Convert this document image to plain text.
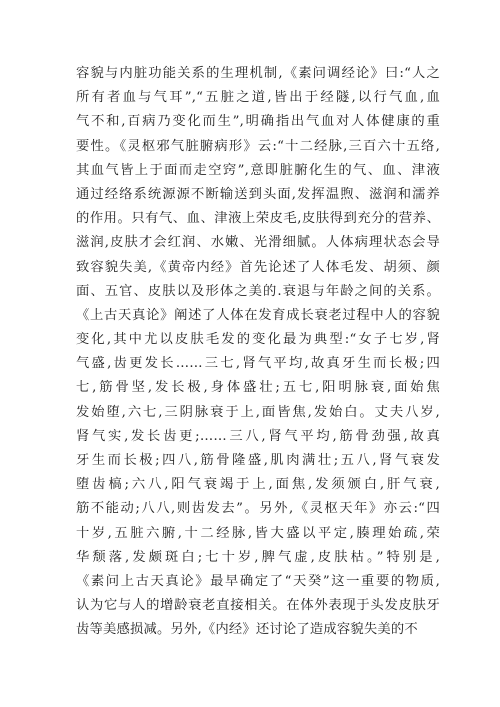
容貌与内脏功能关系的生理机制,《素问调经论》曰:“人之
所有者血与气耳”,“五脏之道,皆出于经隧,以行气血,血
气不和,百病乃变化而生”,明确指出气血对人体健康的重
要性。《灵枢邪气脏腑病形》云:“十二经脉,三百六十五络,
其血气皆上于面而走空窍”,意即脏腑化生的气、血、津液
通过经络系统源源不断输送到头面,发挥温煦、滋润和濡养
的作用。只有气、血、津液上荣皮毛,皮肤得到充分的营养、
滋润,皮肤才会红润、水嫩、光滑细腻。人体病理状态会导
致容貌失美,《黄帝内经》首先论述了人体毛发、胡须、颜
面、五官、皮肤以及形体之美的.衰退与年龄之间的关系。
《上古天真论》阐述了人体在发育成长衰老过程中人的容貌
变化,其中尤以皮肤毛发的变化最为典型:“女子七岁,肾
气盛,齿更发长……三七,肾气平均,故真牙生而长极;四
七,筋骨坚,发长极,身体盛壮;五七,阳明脉衰,面始焦
发始堕,六七,三阴脉衰于上,面皆焦,发始白。丈夫八岁,
肾气实,发长齿更;……三八,肾气平均,筋骨劲强,故真
牙生而长极;四八,筋骨隆盛,肌肉满壮;五八,肾气衰发
堕齿槁;六八,阳气衰竭于上,面焦,发须颁白,肝气衰,
筋不能动;八八,则齿发去”。另外,《灵枢天年》亦云:“四
十岁,五脏六腑,十二经脉,皆大盛以平定,腠理始疏,荣
华颓落,发颇斑白;七十岁,脾气虚,皮肤枯。”特别是,
《素问上古天真论》最早确定了“天癸”这一重要的物质,
认为它与人的增龄衰老直接相关。在体外表现于头发皮肤牙
齿等美感损减。另外,《内经》还讨论了造成容貌失美的不
